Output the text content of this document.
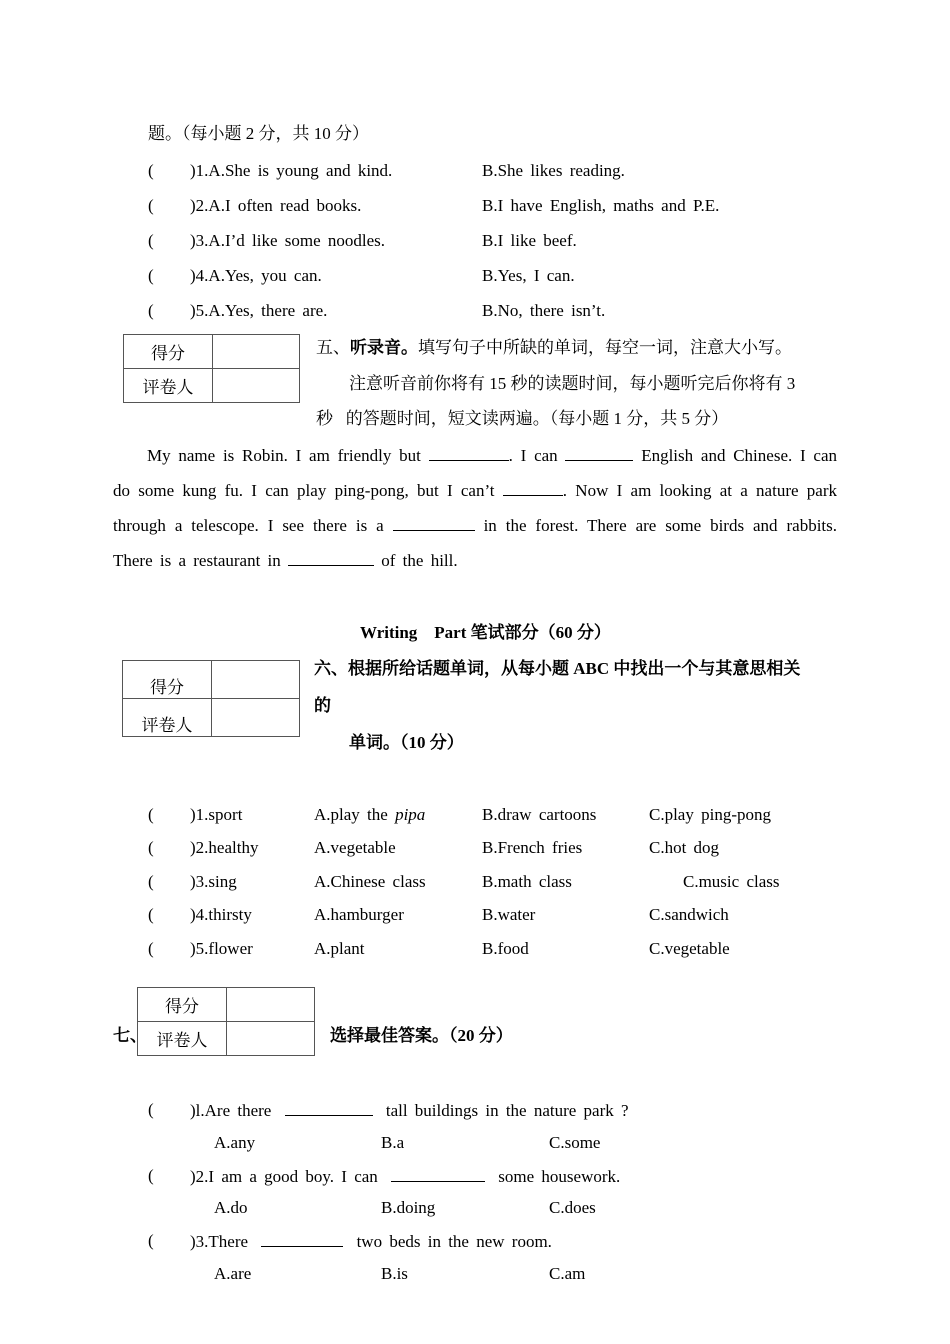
题。（每小题 2 分，共 10 分）
( )1.A.She is young and kind.	B.She likes reading.
( )2.A.I often read books.	B.I have English, maths and P.E.
( )3.A.I’d like some noodles.	B.I like beef.
( )4.A.Yes, you can.	B.Yes, I can.
( )5.A.Yes, there are.	B.No, there isn’t.
得分	
评卷人	
五、听录音。填写句子中所缺的单词，每空一词，注意大小写。
注意听音前你将有 15 秒的读题时间，每小题听完后你将有 3
秒   的答题时间，短文读两遍。（每小题 1 分，共 5 分）
My name is Robin. I am friendly but	. I can	English and Chinese. I can do some kung fu. I can play ping-pong, but I can’t	. Now I am looking at a nature park through a telescope. I see there is a	in the forest. There are some birds and rabbits. There is a restaurant in	of the hill.
Writing    Part 笔试部分（60 分）
得分	
评卷人	
六、根据所给话题单词，从每小题 ABC 中找出一个与其意思相关
的
单词。（10 分）
( )1.sport	A.play the pipa	B.draw cartoons	C.play ping-pong
( )2.healthy	A.vegetable	B.French fries	C.hot dog
( )3.sing	A.Chinese class	B.math class	C.music class
( )4.thirsty	A.hamburger	B.water	C.sandwich
( )5.flower	A.plant	B.food	C.vegetable
七、
得分	
评卷人		选择最佳答案。（20 分）
( )l.Are there	tall buildings in the nature park ?
A.any	B.a	C.some
( )2.I am a good boy. I can	some housework.
A.do	B.doing	C.does
( )3.There	two beds in the new room.
A.are	B.is	C.am
